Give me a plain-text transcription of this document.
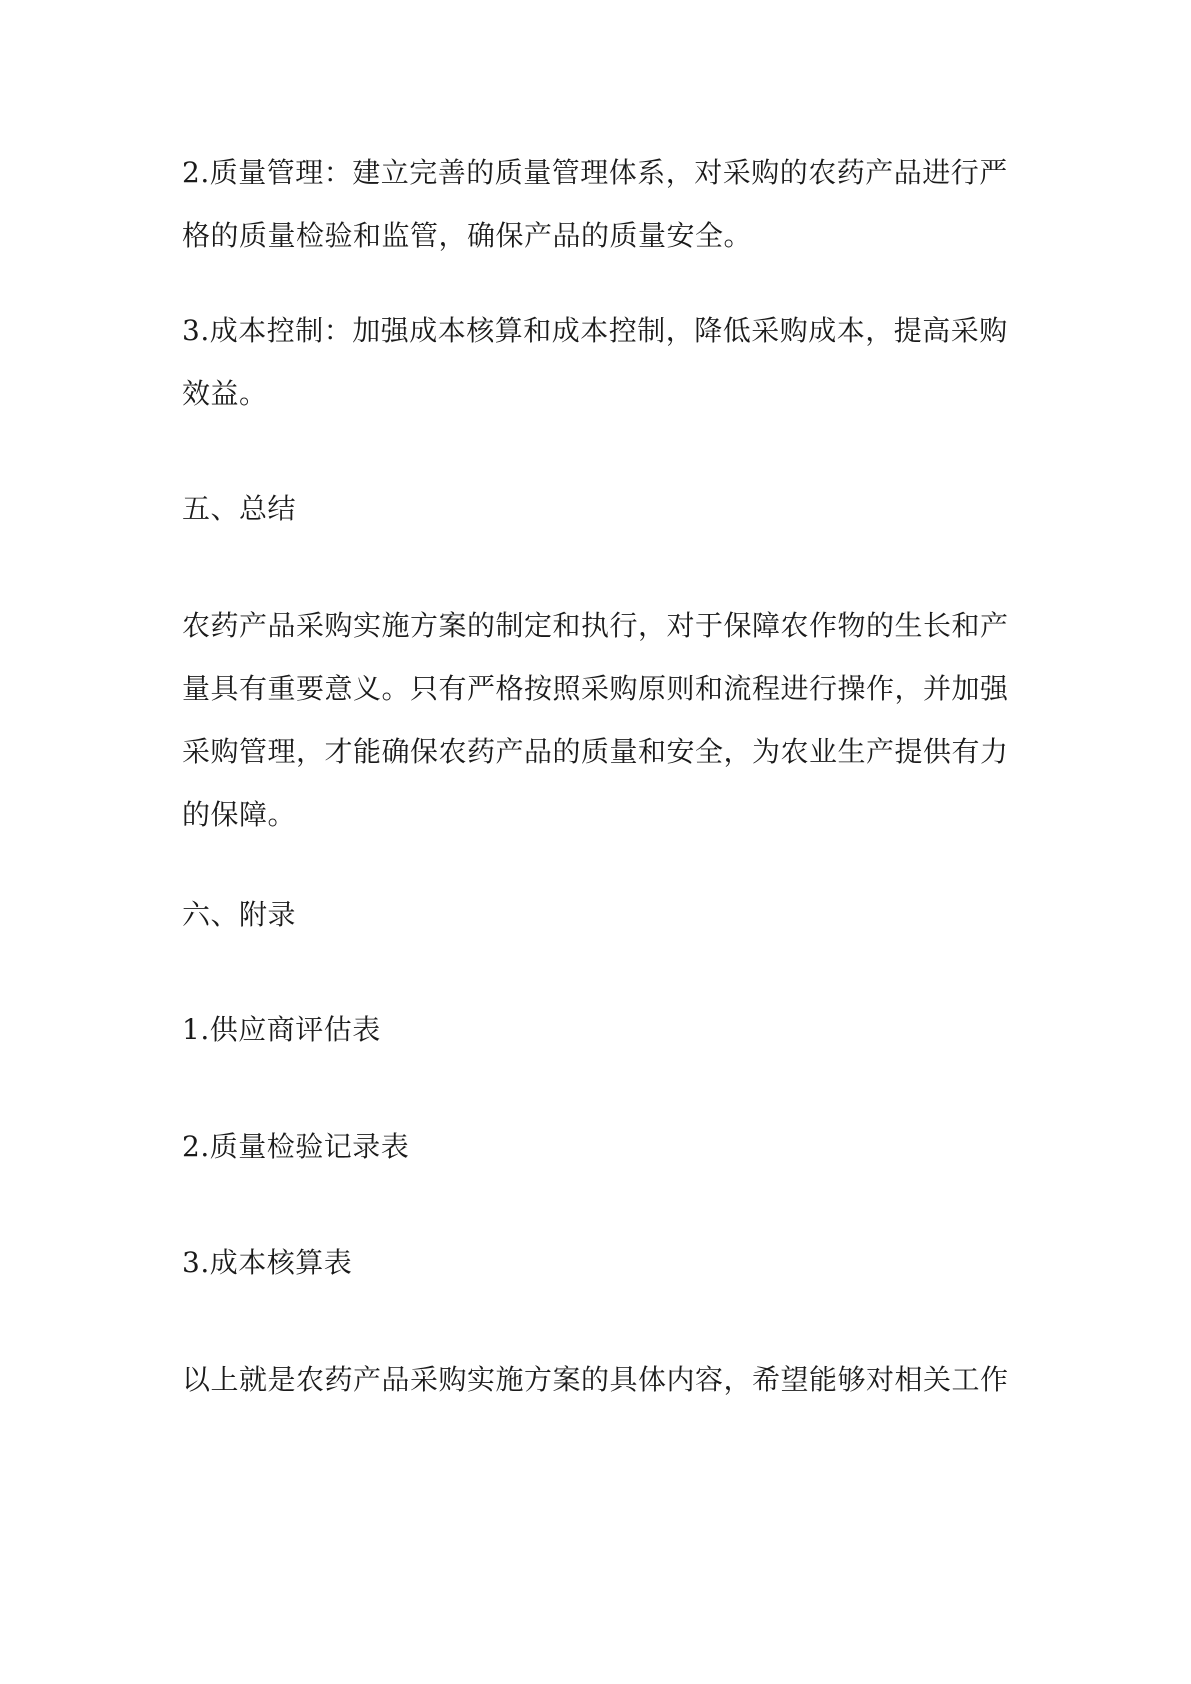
2.质量管理：建立完善的质量管理体系，对采购的农药产品进行严格的质量检验和监管，确保产品的质量安全。

3.成本控制：加强成本核算和成本控制，降低采购成本，提高采购效益。

五、总结

农药产品采购实施方案的制定和执行，对于保障农作物的生长和产量具有重要意义。只有严格按照采购原则和流程进行操作，并加强采购管理，才能确保农药产品的质量和安全，为农业生产提供有力的保障。

六、附录

1.供应商评估表

2.质量检验记录表

3.成本核算表

以上就是农药产品采购实施方案的具体内容，希望能够对相关工作
